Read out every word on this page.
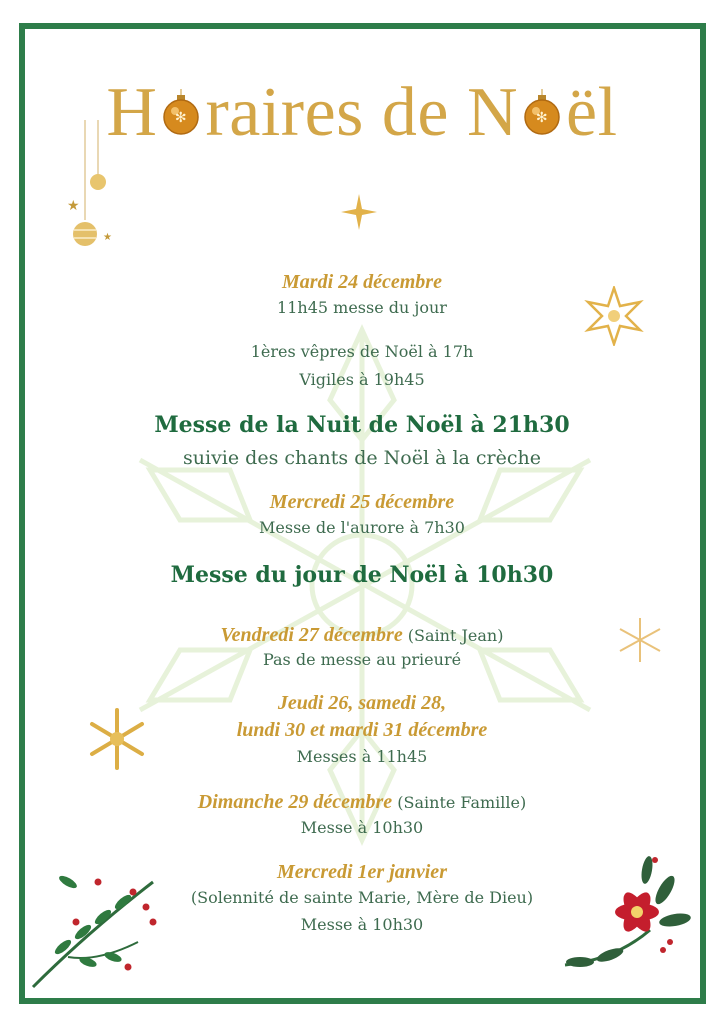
H ✻ raires de N ✻ ël
★
★
Mardi 24 décembre
11h45 messe du jour
1ères vêpres de Noël à 17h
Vigiles à 19h45
Messe de la Nuit de Noël à 21h30
suivie des chants de Noël à la crèche
Mercredi 25 décembre
Messe de l'aurore à 7h30
Messe du jour de Noël à 10h30
Vendredi 27 décembre (Saint Jean)
Pas de messe au prieuré
Jeudi 26, samedi 28,
lundi 30 et mardi 31 décembre
Messes à 11h45
Dimanche 29 décembre (Sainte Famille)
Messe à 10h30
Mercredi 1er janvier
(Solennité de sainte Marie, Mère de Dieu)
Messe à 10h30
